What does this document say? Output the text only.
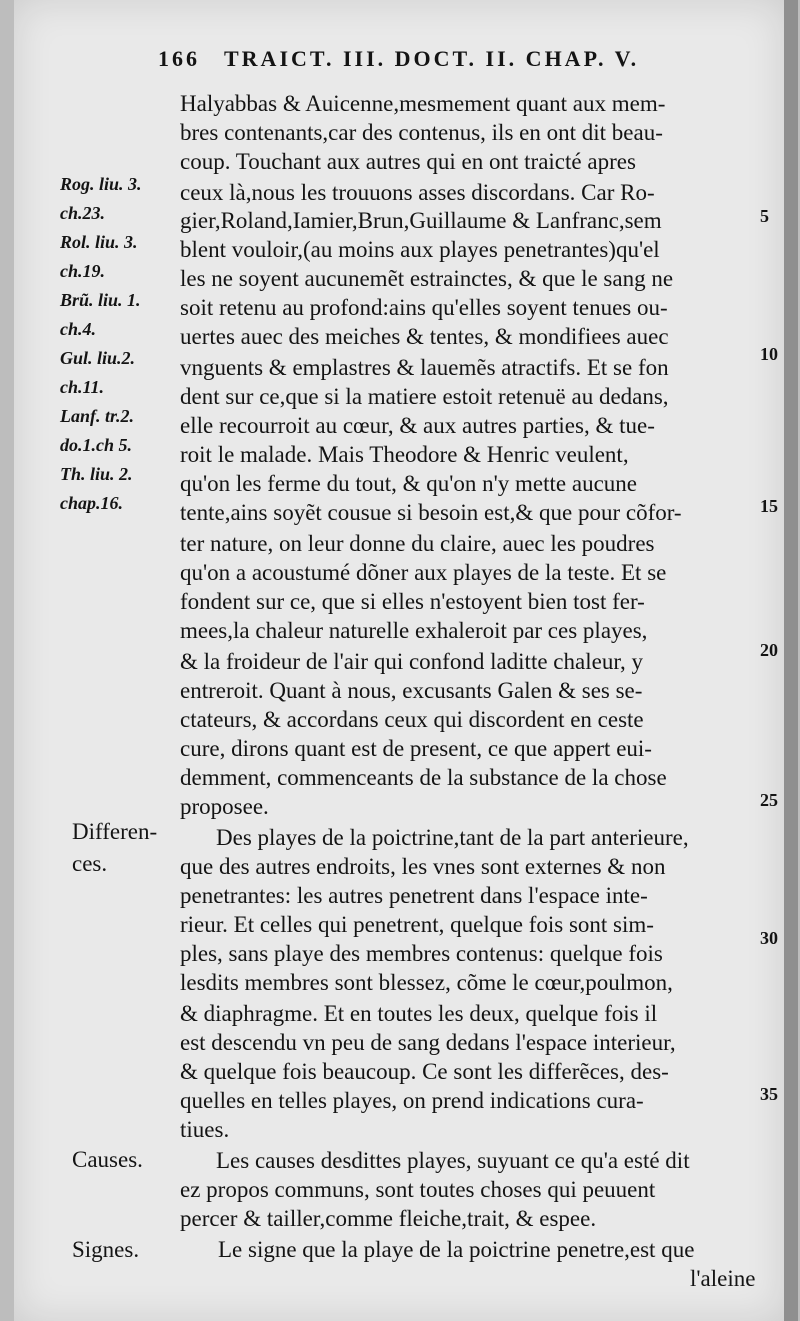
166 TRAICT. III. DOCT. II. CHAP. V.
Halyabbas & Auicenne,mesmement quant aux mem-
bres contenants,car des contenus, ils en ont dit beau-
coup. Touchant aux autres qui en ont traicté apres
ceux là,nous les trouuons asses discordans. Car Ro-
gier,Roland,Iamier,Brun,Guillaume & Lanfranc,sem
blent vouloir,(au moins aux playes penetrantes)qu'el
les ne soyent aucunemẽt estrainctes, & que le sang ne
soit retenu au profond:ains qu'elles soyent tenues ou-
uertes auec des meiches & tentes, & mondifiees auec
vnguents & emplastres & lauemẽs atractifs. Et se fon
dent sur ce,que si la matiere estoit retenuë au dedans,
elle recourroit au cœur, & aux autres parties, & tue-
roit le malade. Mais Theodore & Henric veulent,
qu'on les ferme du tout, & qu'on n'y mette aucune
tente,ains soyẽt cousue si besoin est,& que pour cõfor-
ter nature, on leur donne du claire, auec les poudres
qu'on a acoustumé dõner aux playes de la teste. Et se
fondent sur ce, que si elles n'estoyent bien tost fer-
mees,la chaleur naturelle exhaleroit par ces playes,
& la froideur de l'air qui confond laditte chaleur, y
entreroit. Quant à nous, excusants Galen & ses se-
ctateurs, & accordans ceux qui discordent en ceste
cure, dirons quant est de present, ce que appert eui-
demment, commenceants de la substance de la chose
proposee.
Des playes de la poictrine,tant de la part anterieure,
que des autres endroits, les vnes sont externes & non
penetrantes: les autres penetrent dans l'espace inte-
rieur. Et celles qui penetrent, quelque fois sont sim-
ples, sans playe des membres contenus: quelque fois
lesdits membres sont blessez, cõme le cœur,poulmon,
& diaphragme. Et en toutes les deux, quelque fois il
est descendu vn peu de sang dedans l'espace interieur,
& quelque fois beaucoup. Ce sont les differẽces, des-
quelles en telles playes, on prend indications cura-
tiues.
Les causes desdittes playes, suyuant ce qu'a esté dit
ez propos communs, sont toutes choses qui peuuent
percer & tailler,comme fleiche,trait, & espee.
Le signe que la playe de la poictrine penetre,est que
l'aleine
Rog. liu. 3.
ch.23.
Rol. liu. 3.
ch.19.
Brũ. liu. 1.
ch.4.
Gul. liu.2.
ch.11.
Lanf. tr.2.
do.1.ch 5.
Th. liu. 2.
chap.16.
Differen-
ces.
Causes.
Signes.
5
10
15
20
25
30
35
